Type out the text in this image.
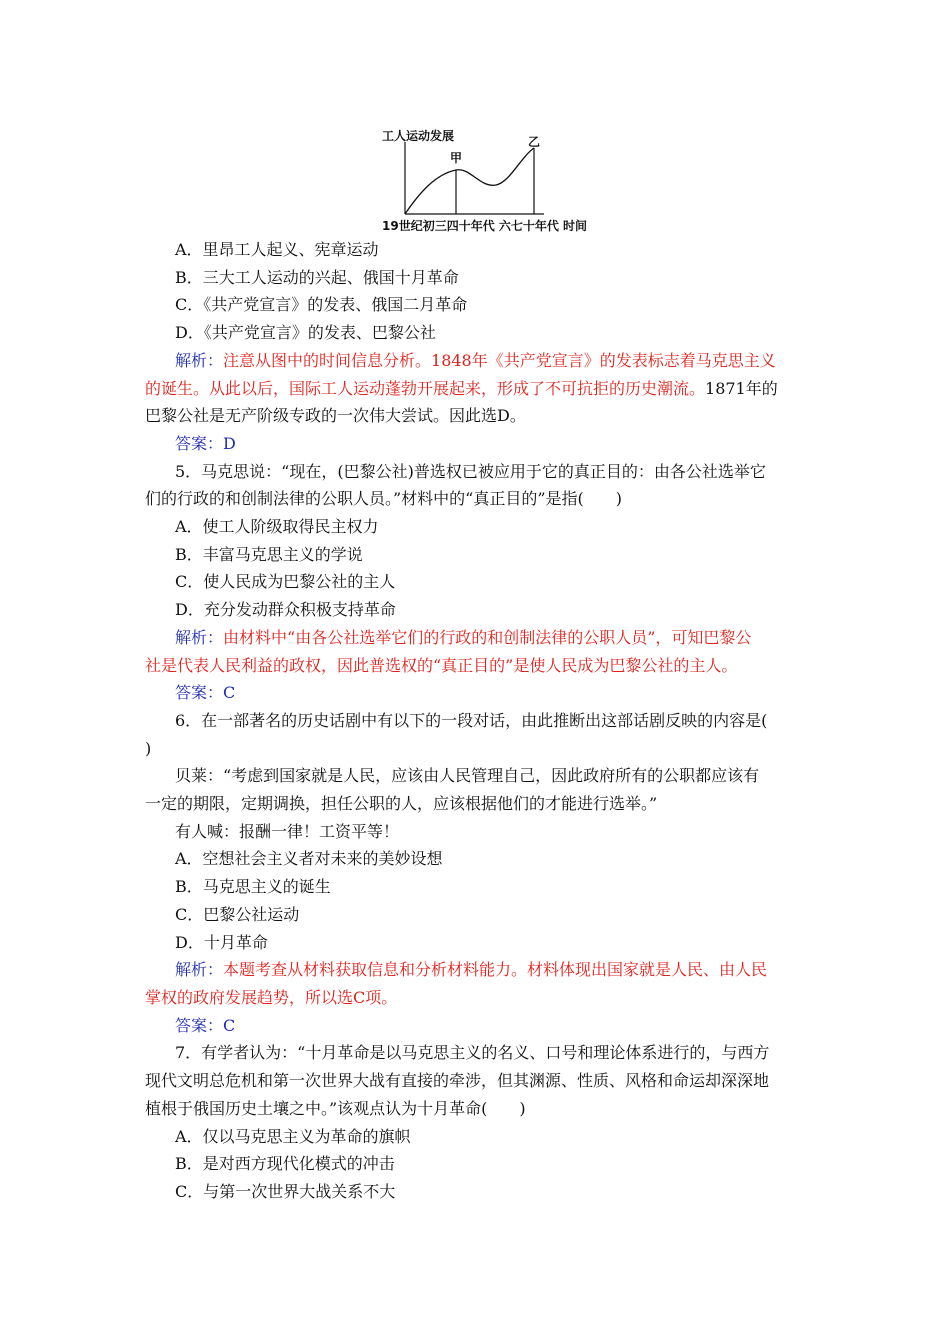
工人运动发展
甲
乙
19世纪初三四十年代 六七十年代 时间
A．里昂工人起义、宪章运动
B．三大工人运动的兴起、俄国十月革命
C．《共产党宣言》的发表、俄国二月革命
D．《共产党宣言》的发表、巴黎公社
解析：注意从图中的时间信息分析。1848年《共产党宣言》的发表标志着马克思主义
的诞生。从此以后，国际工人运动蓬勃开展起来，形成了不可抗拒的历史潮流。1871年的
巴黎公社是无产阶级专政的一次伟大尝试。因此选D。
答案：D
5．马克思说：“现在，(巴黎公社)普选权已被应用于它的真正目的：由各公社选举它
们的行政的和创制法律的公职人员。”材料中的“真正目的”是指(　　)
A．使工人阶级取得民主权力
B．丰富马克思主义的学说
C．使人民成为巴黎公社的主人
D．充分发动群众积极支持革命
解析：由材料中“由各公社选举它们的行政的和创制法律的公职人员”，可知巴黎公
社是代表人民利益的政权，因此普选权的“真正目的”是使人民成为巴黎公社的主人。
答案：C
6．在一部著名的历史话剧中有以下的一段对话，由此推断出这部话剧反映的内容是(
)
贝莱：“考虑到国家就是人民，应该由人民管理自己，因此政府所有的公职都应该有
一定的期限，定期调换，担任公职的人，应该根据他们的才能进行选举。”
有人喊：报酬一律！工资平等！
A．空想社会主义者对未来的美妙设想
B．马克思主义的诞生
C．巴黎公社运动
D．十月革命
解析：本题考查从材料获取信息和分析材料能力。材料体现出国家就是人民、由人民
掌权的政府发展趋势，所以选C项。
答案：C
7．有学者认为：“十月革命是以马克思主义的名义、口号和理论体系进行的，与西方
现代文明总危机和第一次世界大战有直接的牵涉，但其渊源、性质、风格和命运却深深地
植根于俄国历史土壤之中。”该观点认为十月革命(　　)
A．仅以马克思主义为革命的旗帜
B．是对西方现代化模式的冲击
C．与第一次世界大战关系不大
